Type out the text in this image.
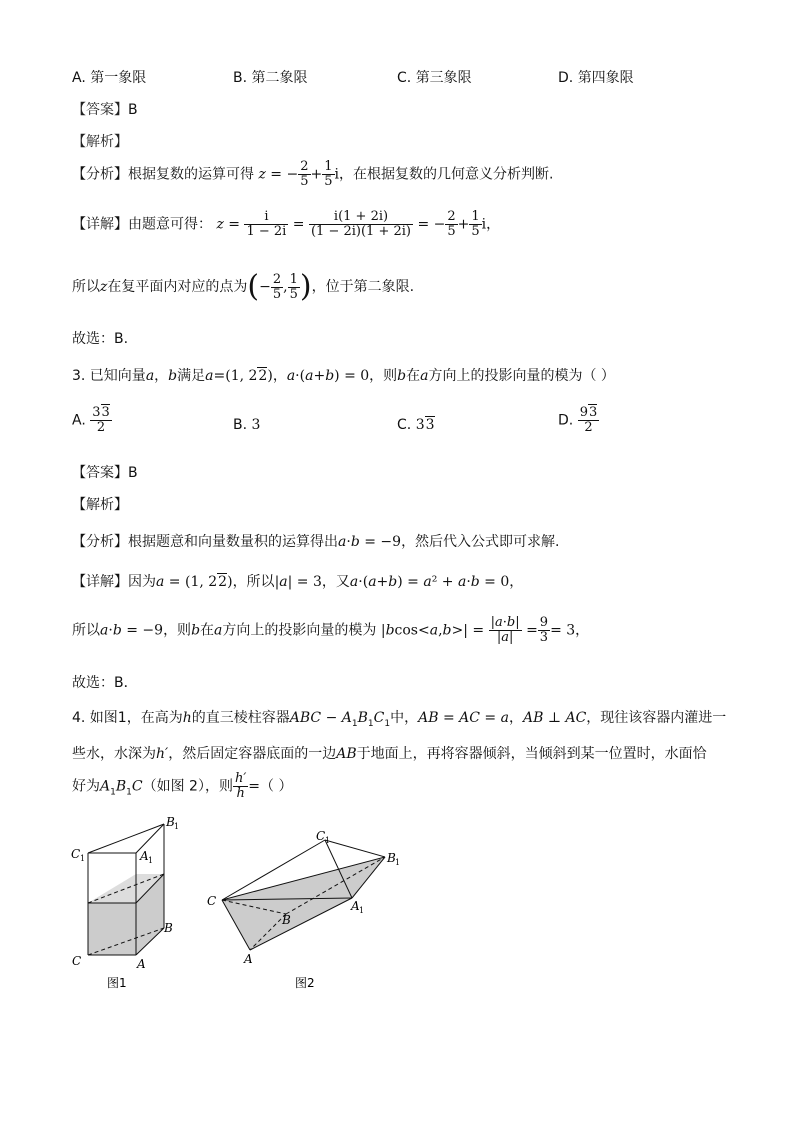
A. 第一象限	B. 第二象限	C. 第三象限	D. 第四象限
【答案】B
【解析】
【分析】根据复数的运算可得 z = − $\frac{2}{5} + \frac{1}{5}$ i，在根据复数的几何意义分析判断.
【详解】由题意可得： $z = \frac{i}{1 - 2i} = \frac{i(1 + 2i)}{(1 - 2i)(1 + 2i)}$ = − $\frac{2}{5} + \frac{1}{5}$ i，
所以z在复平面内对应的点为(− $\frac{2}{5}$ , $\frac{1}{5}$ )，位于第二象限.
故选：B.
3. 已知向量a，b满足a=(1, 22)，a·(a+b) = 0，则b在a方向上的投影向量的模为（ ）
A. $\frac{33}{2}$	B. 3	C. 33	D. $\frac{93}{2}$
【答案】B
【解析】
【分析】根据题意和向量数量积的运算得出a·b = −9，然后代入公式即可求解.
【详解】因为a = (1, 22)，所以|a| = 3，又a·(a+b) = a² + a·b = 0，
所以a·b = −9，则b在a方向上的投影向量的模为 $|bcos<a,b>| = \frac{|a\cdot b|}{|a|} = \frac{9}{3} = 3$，
故选：B．
4. 如图1，在高为h的直三棱柱容器ABC − $A_1B_1C_1$中，AB = AC = a，AB ⊥ AC，现往该容器内灌进一
些水，水深为h′，然后固定容器底面的一边AB于地面上，再将容器倾斜，当倾斜到某一位置时，水面恰
好为$A_1B_1C$（如图 2），则 $\frac{h'}{h}$ =（ ）
B 1
C 1	A 1
B
C	A
图1
C 1
B 1
C	A 1
B
A
图2
